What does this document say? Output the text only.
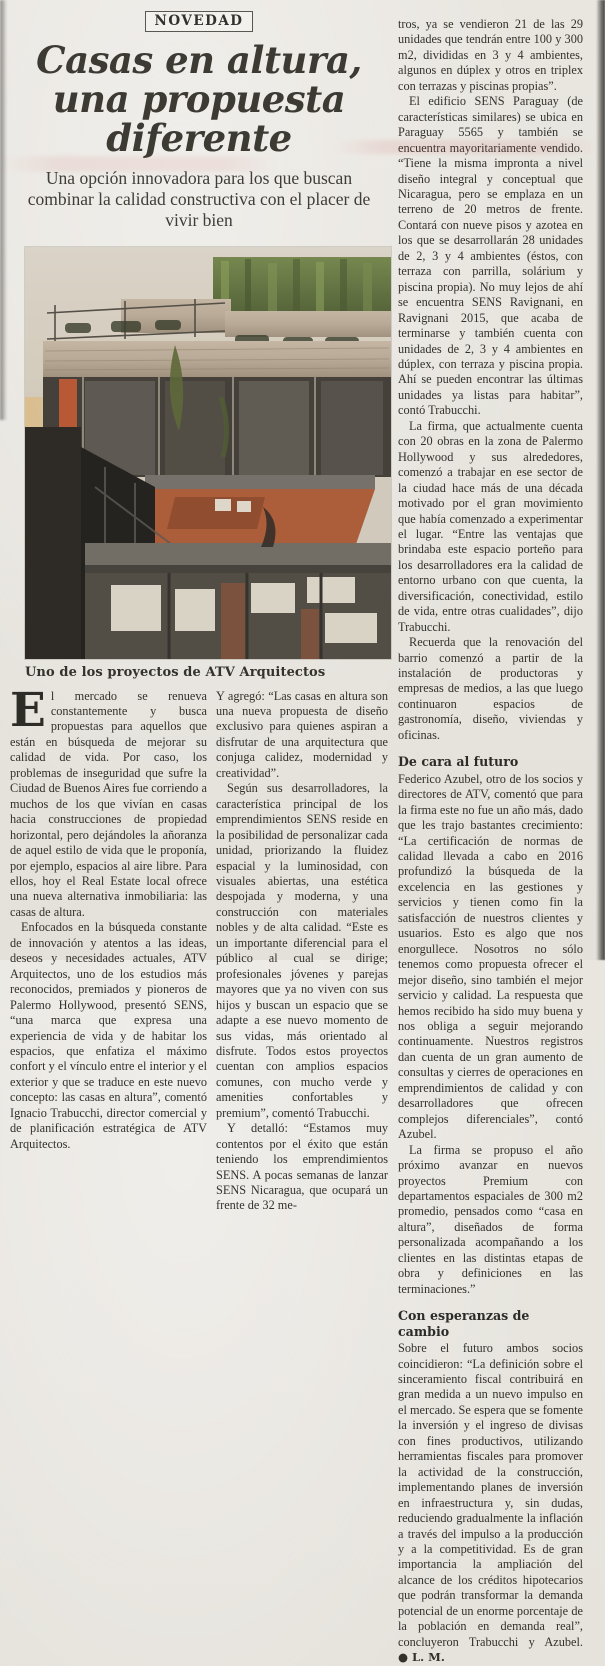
NOVEDAD
Casas en altura, una propuesta diferente
Una opción innovadora para los que buscan combinar la calidad constructiva con el placer de vivir bien
Uno de los proyectos de ATV Arquitectos

El mercado se renueva constantemente y busca propuestas para aquellos que están en búsqueda de mejorar su calidad de vida. Por caso, los problemas de inseguridad que sufre la Ciudad de Buenos Aires fue corriendo a muchos de los que vivían en casas hacia construcciones de propiedad horizontal, pero dejándoles la añoranza de aquel estilo de vida que le proponía, por ejemplo, espacios al aire libre. Para ellos, hoy el Real Estate local ofrece una nueva alternativa inmobiliaria: las casas de altura.

Enfocados en la búsqueda constante de innovación y atentos a las ideas, deseos y necesidades actuales, ATV Arquitectos, uno de los estudios más reconocidos, premiados y pioneros de Palermo Hollywood, presentó SENS, “una marca que expresa una experiencia de vida y de habitar los espacios, que enfatiza el máximo confort y el vínculo entre el interior y el exterior y que se traduce en este nuevo concepto: las casas en altura”, comentó Ignacio Trabucchi, director comercial y de planificación estratégica de ATV Arquitectos.

Y agregó: “Las casas en altura son una nueva propuesta de diseño exclusivo para quienes aspiran a disfrutar de una arquitectura que conjuga calidez, modernidad y creatividad”.

Según sus desarrolladores, la característica principal de los emprendimientos SENS reside en la posibilidad de personalizar cada unidad, priorizando la fluidez espacial y la luminosidad, con visuales abiertas, una estética despojada y moderna, y una construcción con materiales nobles y de alta calidad. “Este es un importante diferencial para el público al cual se dirige; profesionales jóvenes y parejas mayores que ya no viven con sus hijos y buscan un espacio que se adapte a ese nuevo momento de sus vidas, más orientado al disfrute. Todos estos proyectos cuentan con amplios espacios comunes, con mucho verde y amenities confortables y premium”, comentó Trabucchi.

Y detalló: “Estamos muy contentos por el éxito que están teniendo los emprendimientos SENS. A pocas semanas de lanzar SENS Nicaragua, que ocupará un frente de 32 me-

tros, ya se vendieron 21 de las 29 unidades que tendrán entre 100 y 300 m2, divididas en 3 y 4 ambientes, algunos en dúplex y otros en triplex con terrazas y piscinas propias”.

El edificio SENS Paraguay (de características similares) se ubica en Paraguay 5565 y también se encuentra mayoritariamente vendido. “Tiene la misma impronta a nivel diseño integral y conceptual que Nicaragua, pero se emplaza en un terreno de 20 metros de frente. Contará con nueve pisos y azotea en los que se desarrollarán 28 unidades de 2, 3 y 4 ambientes (éstos, con terraza con parrilla, solárium y piscina propia). No muy lejos de ahí se encuentra SENS Ravignani, en Ravignani 2015, que acaba de terminarse y también cuenta con unidades de 2, 3 y 4 ambientes en dúplex, con terraza y piscina propia. Ahí se pueden encontrar las últimas unidades ya listas para habitar”, contó Trabucchi.

La firma, que actualmente cuenta con 20 obras en la zona de Palermo Hollywood y sus alrededores, comenzó a trabajar en ese sector de la ciudad hace más de una década motivado por el gran movimiento que había comenzado a experimentar el lugar. “Entre las ventajas que brindaba este espacio porteño para los desarrolladores era la calidad de entorno urbano con que cuenta, la diversificación, conectividad, estilo de vida, entre otras cualidades”, dijo Trabucchi.

Recuerda que la renovación del barrio comenzó a partir de la instalación de productoras y empresas de medios, a las que luego continuaron espacios de gastronomía, diseño, viviendas y oficinas.

De cara al futuro

Federico Azubel, otro de los socios y directores de ATV, comentó que para la firma este no fue un año más, dado que les trajo bastantes crecimiento: “La certificación de normas de calidad llevada a cabo en 2016 profundizó la búsqueda de la excelencia en las gestiones y servicios y tienen como fin la satisfacción de nuestros clientes y usuarios. Esto es algo que nos enorgullece. Nosotros no sólo tenemos como propuesta ofrecer el mejor diseño, sino también el mejor servicio y calidad. La respuesta que hemos recibido ha sido muy buena y nos obliga a seguir mejorando continuamente. Nuestros registros dan cuenta de un gran aumento de consultas y cierres de operaciones en emprendimientos de calidad y con desarrolladores que ofrecen complejos diferenciales”, contó Azubel.

La firma se propuso el año próximo avanzar en nuevos proyectos Premium con departamentos espaciales de 300 m2 promedio, pensados como “casa en altura”, diseñados de forma personalizada acompañando a los clientes en las distintas etapas de obra y definiciones en las terminaciones.”

Con esperanzas de cambio

Sobre el futuro ambos socios coincidieron: “La definición sobre el sinceramiento fiscal contribuirá en gran medida a un nuevo impulso en el mercado. Se espera que se fomente la inversión y el ingreso de divisas con fines productivos, utilizando herramientas fiscales para promover la actividad de la construcción, implementando planes de inversión en infraestructura y, sin dudas, reduciendo gradualmente la inflación a través del impulso a la producción y a la competitividad. Es de gran importancia la ampliación del alcance de los créditos hipotecarios que podrán transformar la demanda potencial de un enorme porcentaje de la población en demanda real”, concluyeron Trabucchi y Azubel. ● L. M.
